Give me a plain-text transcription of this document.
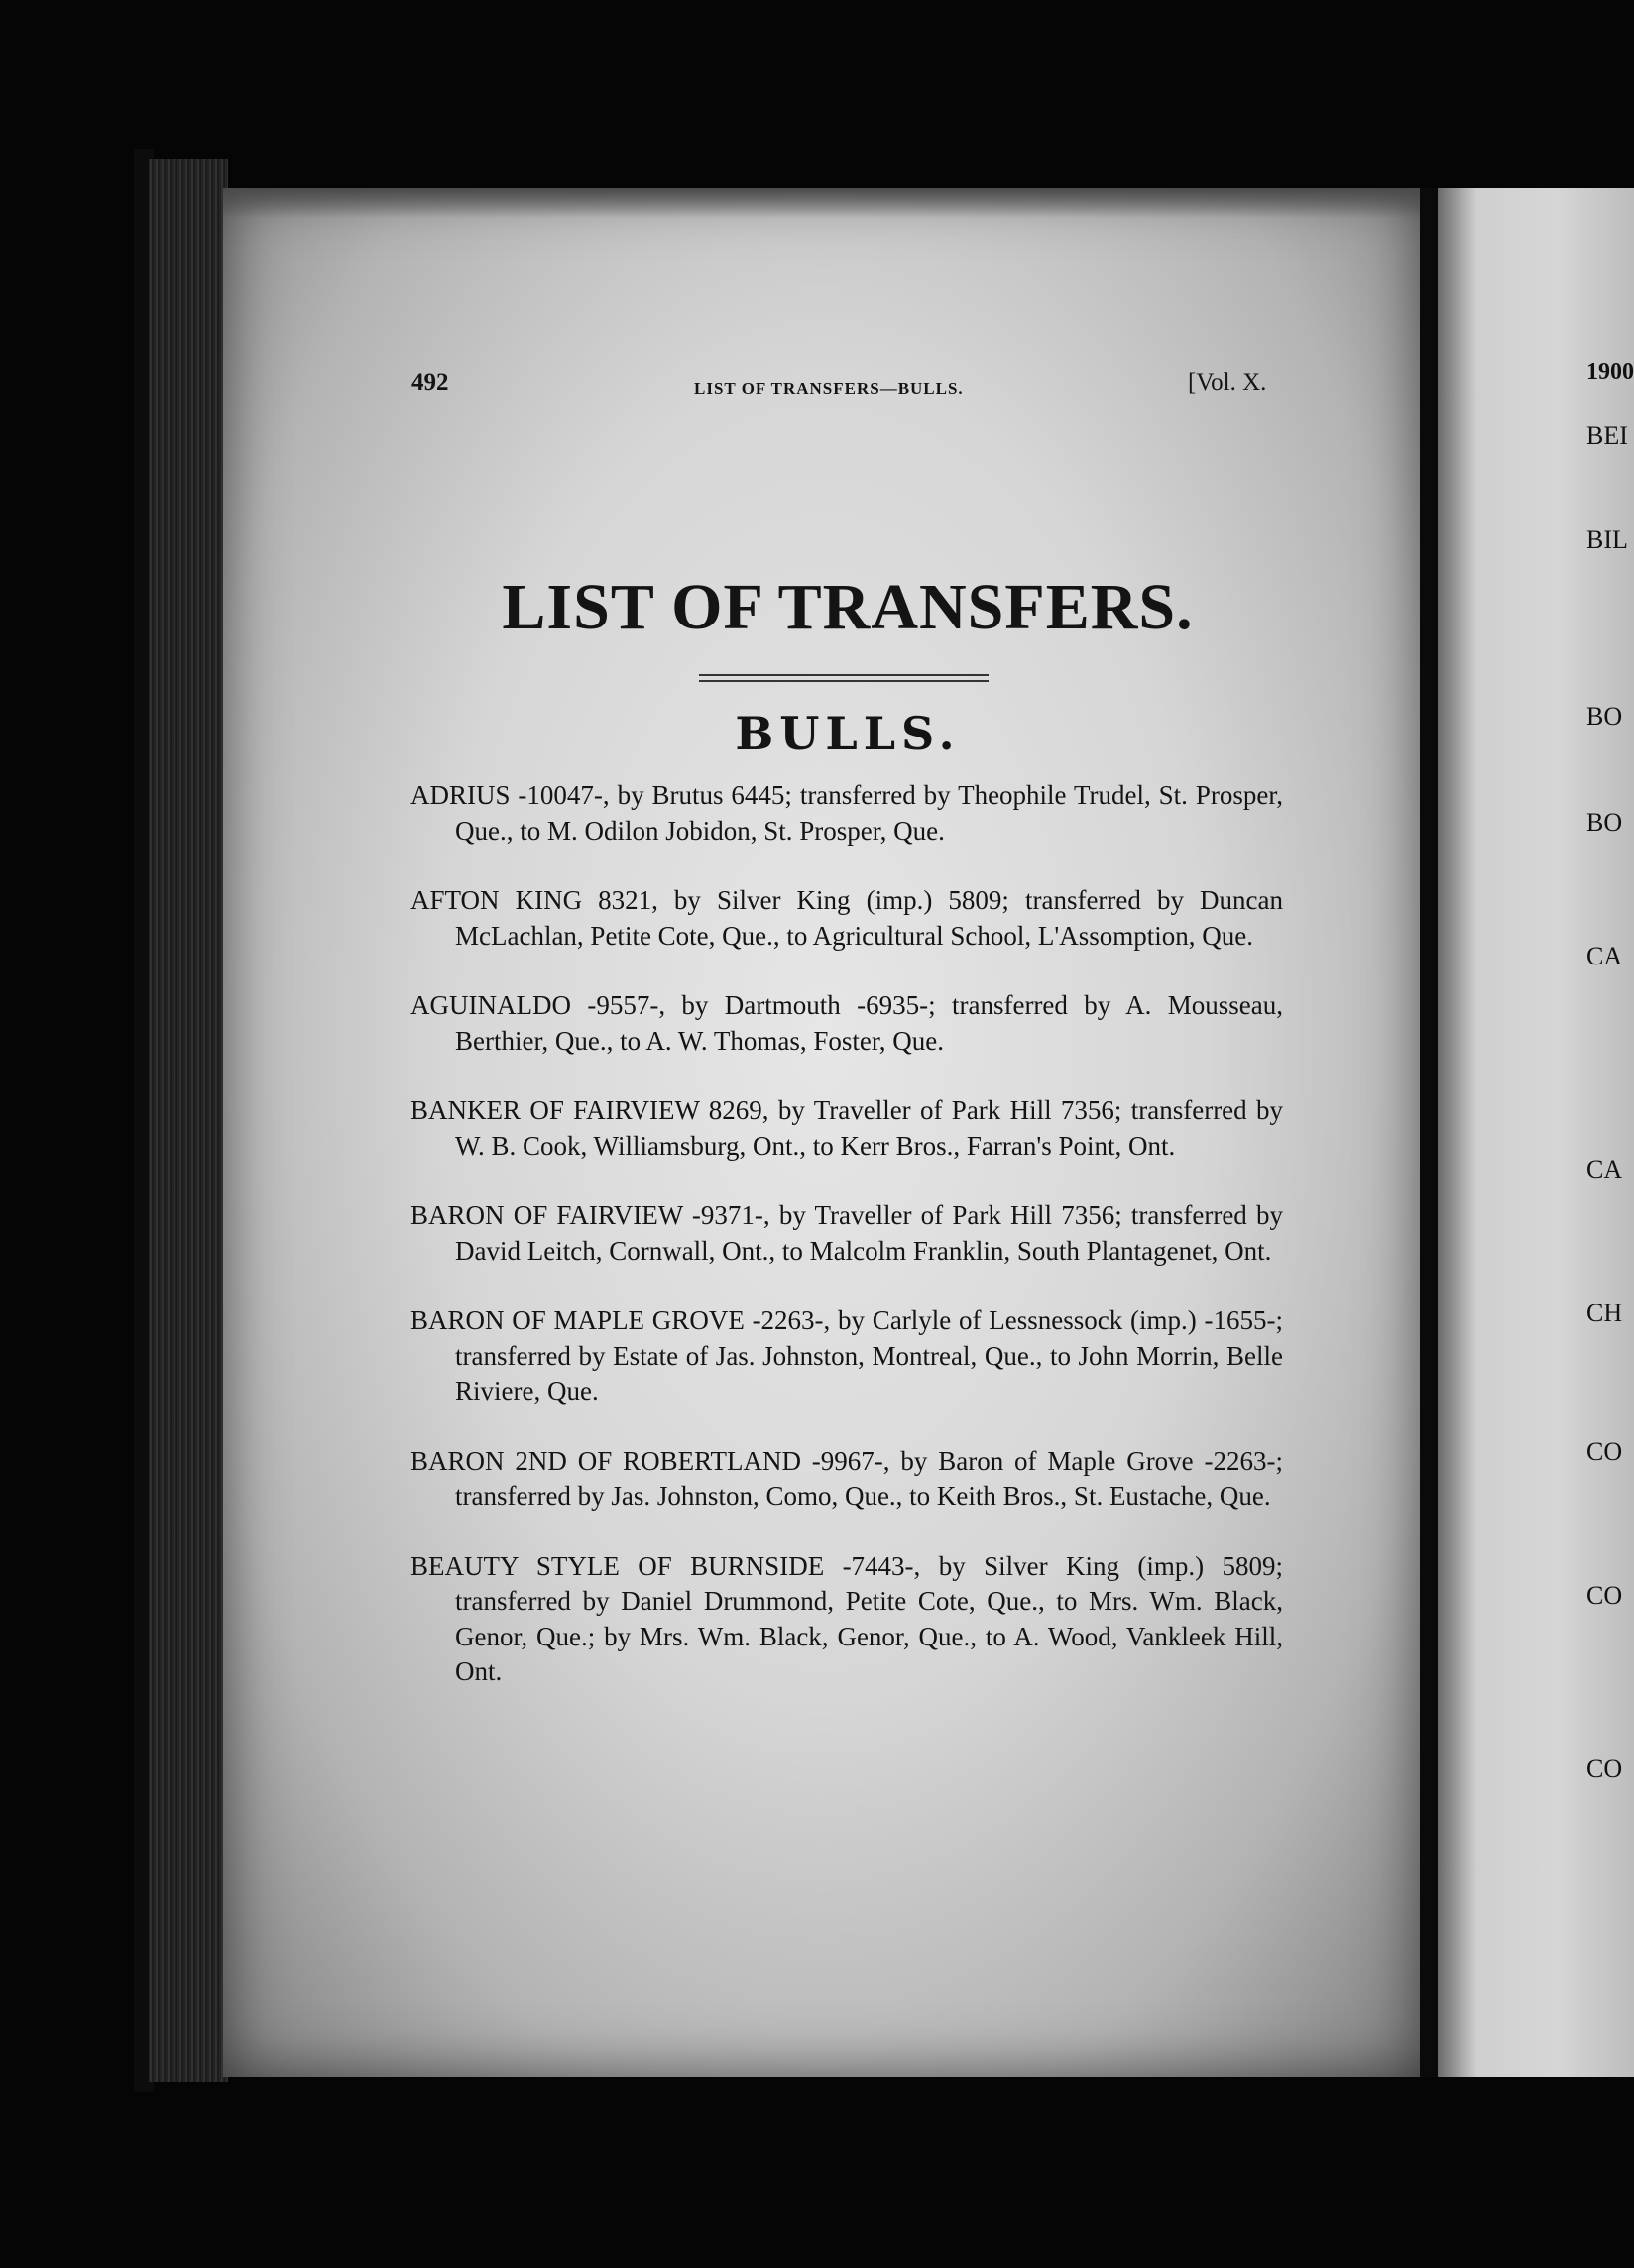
492	LIST OF TRANSFERS—BULLS.	[Vol. X.
LIST OF TRANSFERS.
BULLS.

ADRIUS -10047-, by Brutus 6445; transferred by Theophile Trudel, St. Prosper, Que., to M. Odilon Jobidon, St. Prosper, Que.

AFTON KING 8321, by Silver King (imp.) 5809; transferred by Duncan McLachlan, Petite Cote, Que., to Agricultural School, L'Assomption, Que.

AGUINALDO -9557-, by Dartmouth -6935-; transferred by A. Mousseau, Berthier, Que., to A. W. Thomas, Foster, Que.

BANKER OF FAIRVIEW 8269, by Traveller of Park Hill 7356; transferred by W. B. Cook, Williamsburg, Ont., to Kerr Bros., Farran's Point, Ont.

BARON OF FAIRVIEW -9371-, by Traveller of Park Hill 7356; transferred by David Leitch, Cornwall, Ont., to Malcolm Franklin, South Plantagenet, Ont.

BARON OF MAPLE GROVE -2263-, by Carlyle of Lessnessock (imp.) -1655-; transferred by Estate of Jas. Johnston, Montreal, Que., to John Morrin, Belle Riviere, Que.

BARON 2ND OF ROBERTLAND -9967-, by Baron of Maple Grove -2263-; transferred by Jas. Johnston, Como, Que., to Keith Bros., St. Eustache, Que.

BEAUTY STYLE OF BURNSIDE -7443-, by Silver King (imp.) 5809; transferred by Daniel Drummond, Petite Cote, Que., to Mrs. Wm. Black, Genor, Que.; by Mrs. Wm. Black, Genor, Que., to A. Wood, Vankleek Hill, Ont.

1900
BEI
BIL
BO
BO
CA
CA
CH
CO
CO
CO
